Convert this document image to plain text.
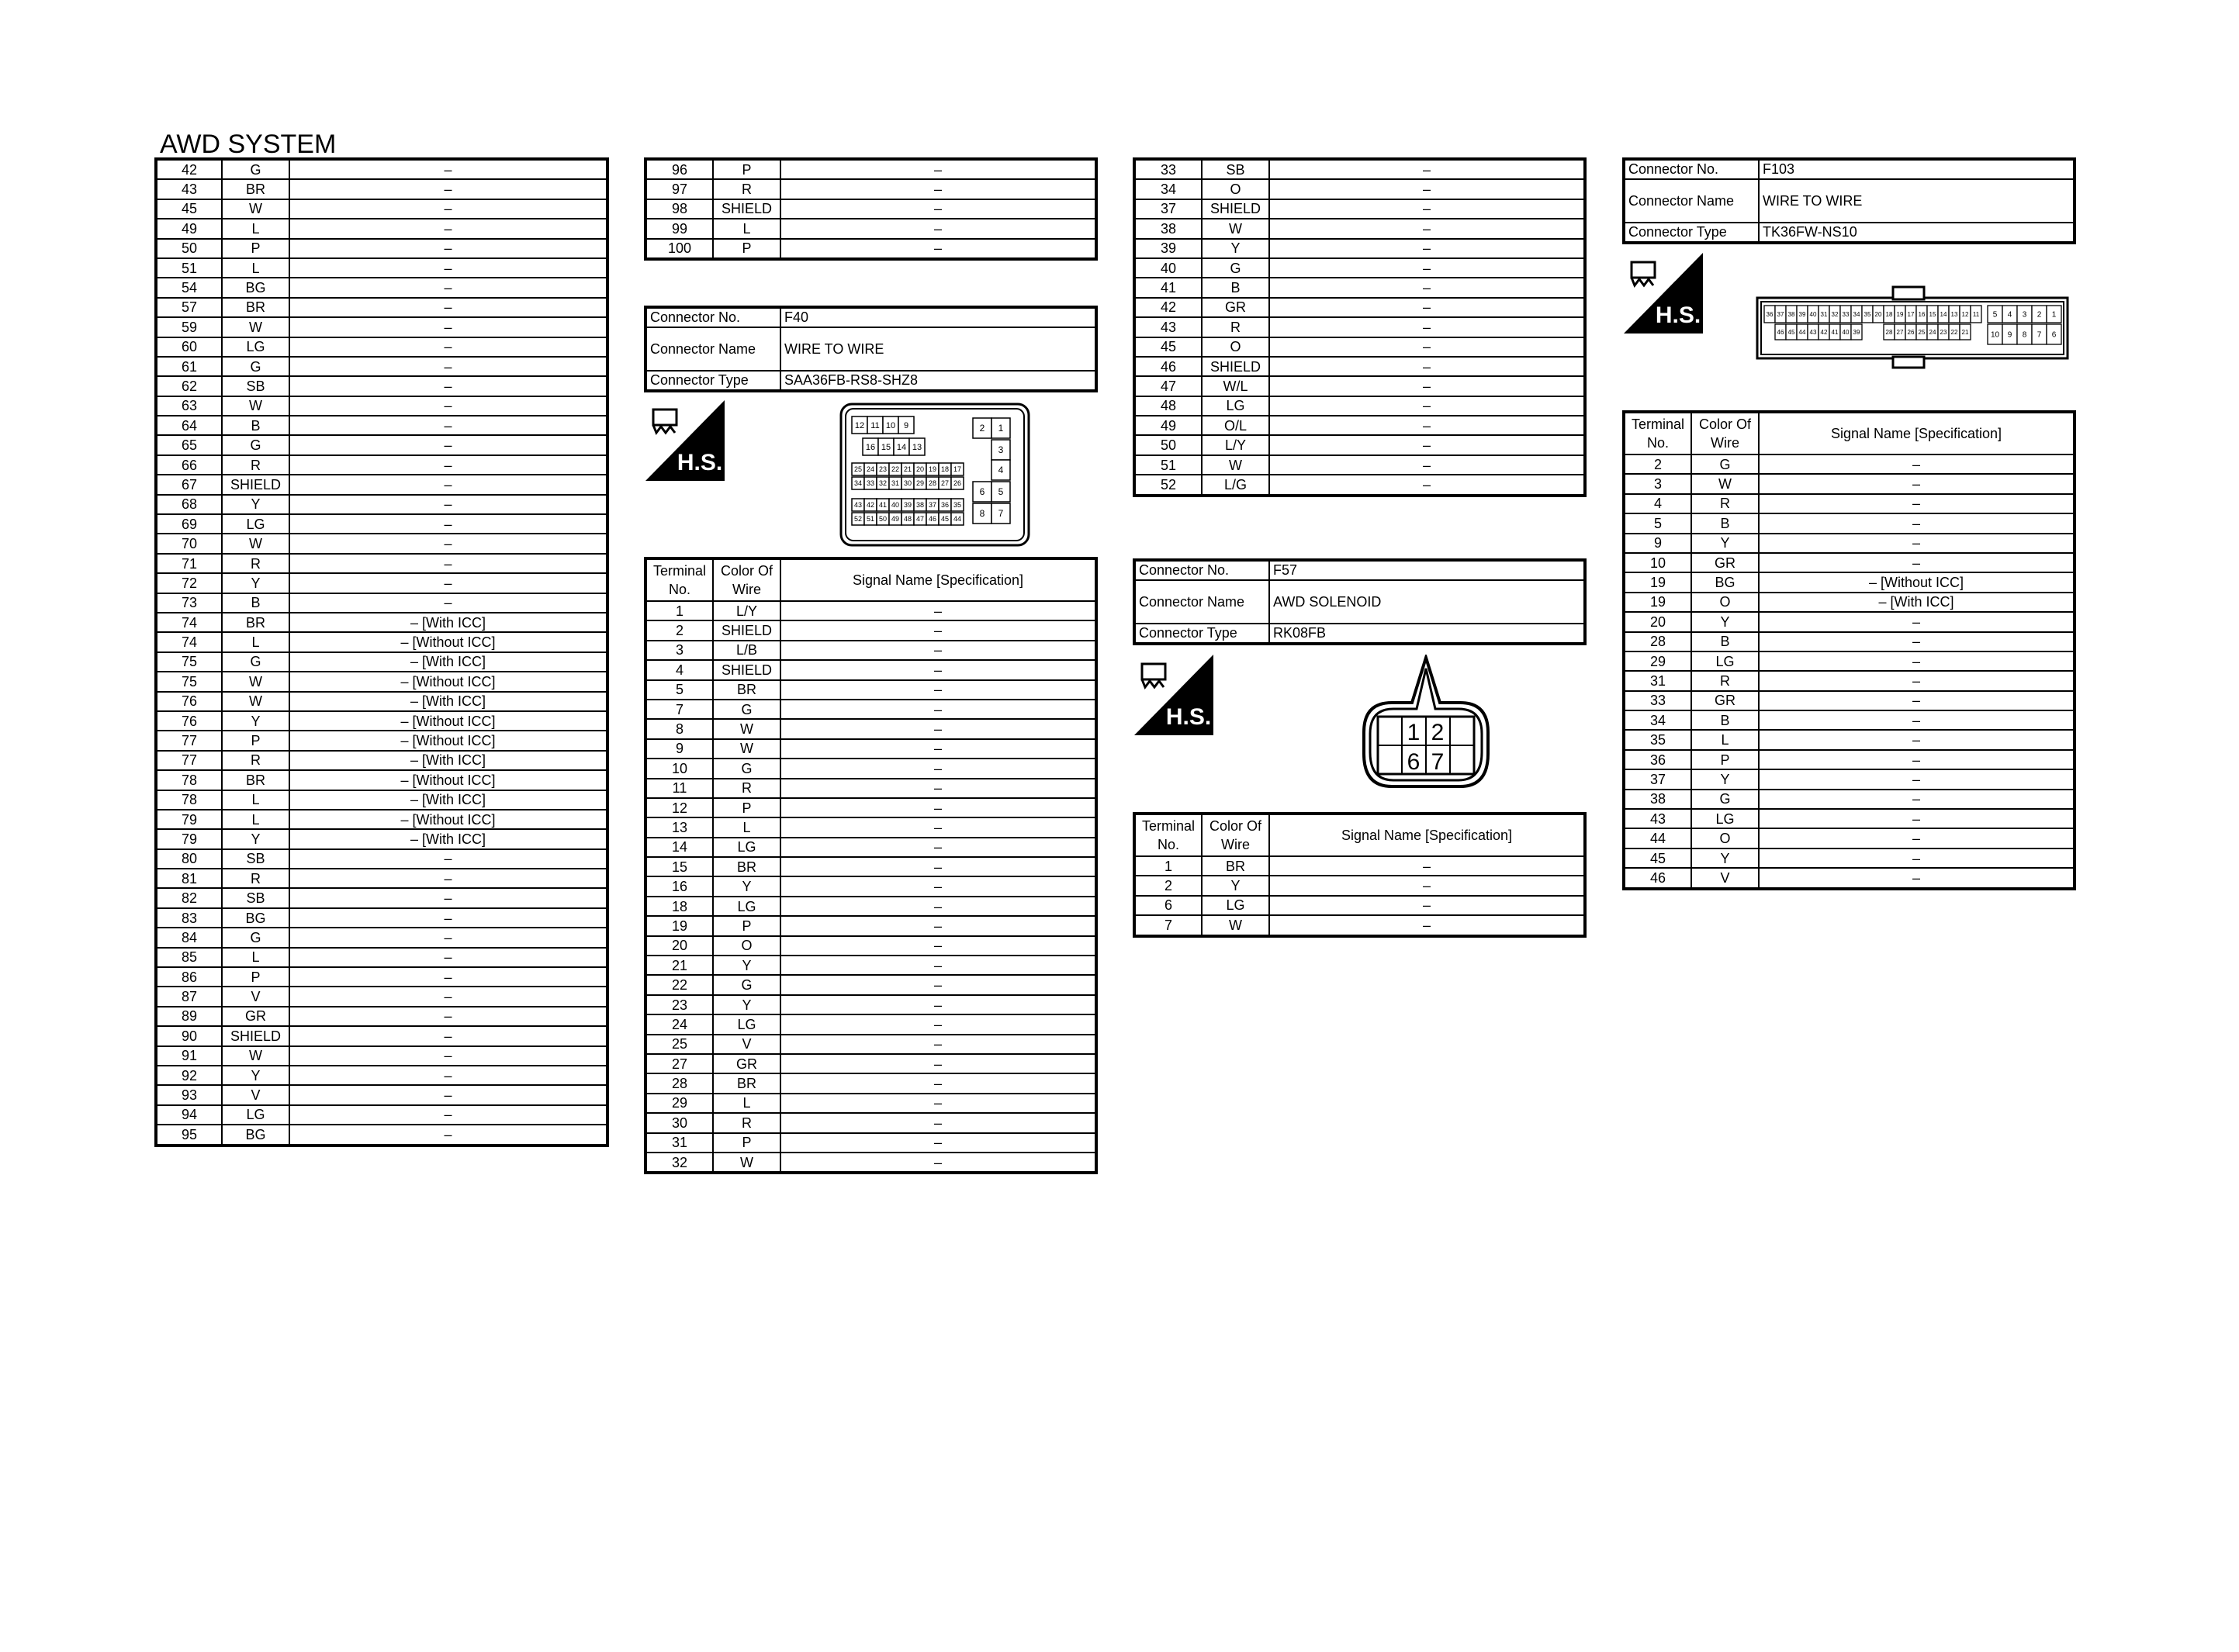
AWD SYSTEM
42	G	–
43	BR	–
45	W	–
49	L	–
50	P	–
51	L	–
54	BG	–
57	BR	–
59	W	–
60	LG	–
61	G	–
62	SB	–
63	W	–
64	B	–
65	G	–
66	R	–
67	SHIELD	–
68	Y	–
69	LG	–
70	W	–
71	R	–
72	Y	–
73	B	–
74	BR	– [With ICC]
74	L	– [Without ICC]
75	G	– [With ICC]
75	W	– [Without ICC]
76	W	– [With ICC]
76	Y	– [Without ICC]
77	P	– [Without ICC]
77	R	– [With ICC]
78	BR	– [Without ICC]
78	L	– [With ICC]
79	L	– [Without ICC]
79	Y	– [With ICC]
80	SB	–
81	R	–
82	SB	–
83	BG	–
84	G	–
85	L	–
86	P	–
87	V	–
89	GR	–
90	SHIELD	–
91	W	–
92	Y	–
93	V	–
94	LG	–
95	BG	–
96	P	–
97	R	–
98	SHIELD	–
99	L	–
100	P	–
Connector No.	F40
Connector Name	WIRE TO WIRE
Connector Type	SAA36FB-RS8-SHZ8
H.S.
12 11 10 9
16 15 14 13
25 24 23 22 21 20 19 18 17
34 33 32 31 30 29 28 27 26
43 42 41 40 39 38 37 36 35
52 51 50 49 48 47 46 45 44
2 1
3
4
6 5
8 7
Terminal No.	Color Of Wire	Signal Name [Specification]
1	L/Y	–
2	SHIELD	–
3	L/B	–
4	SHIELD	–
5	BR	–
7	G	–
8	W	–
9	W	–
10	G	–
11	R	–
12	P	–
13	L	–
14	LG	–
15	BR	–
16	Y	–
18	LG	–
19	P	–
20	O	–
21	Y	–
22	G	–
23	Y	–
24	LG	–
25	V	–
27	GR	–
28	BR	–
29	L	–
30	R	–
31	P	–
32	W	–
33	SB	–
34	O	–
37	SHIELD	–
38	W	–
39	Y	–
40	G	–
41	B	–
42	GR	–
43	R	–
45	O	–
46	SHIELD	–
47	W/L	–
48	LG	–
49	O/L	–
50	L/Y	–
51	W	–
52	L/G	–
Connector No.	F57
Connector Name	AWD SOLENOID
Connector Type	RK08FB
H.S.
1 2
6 7
Terminal No.	Color Of Wire	Signal Name [Specification]
1	BR	–
2	Y	–
6	LG	–
7	W	–
Connector No.	F103
Connector Name	WIRE TO WIRE
Connector Type	TK36FW-NS10
H.S.	36 37 38 39 40 31 32 33 34 35 20 18 19 17 16 15 14 13 12 11 5 4 3 2 1
46 45 44 43 42 41 40 39	28 27 26 25 24 23 22 21	10 9 8 7 6
Terminal No.	Color Of Wire	Signal Name [Specification]
2	G	–
3	W	–
4	R	–
5	B	–
9	Y	–
10	GR	–
19	BG	– [Without ICC]
19	O	– [With ICC]
20	Y	–
28	B	–
29	LG	–
31	R	–
33	GR	–
34	B	–
35	L	–
36	P	–
37	Y	–
38	G	–
43	LG	–
44	O	–
45	Y	–
46	V	–
